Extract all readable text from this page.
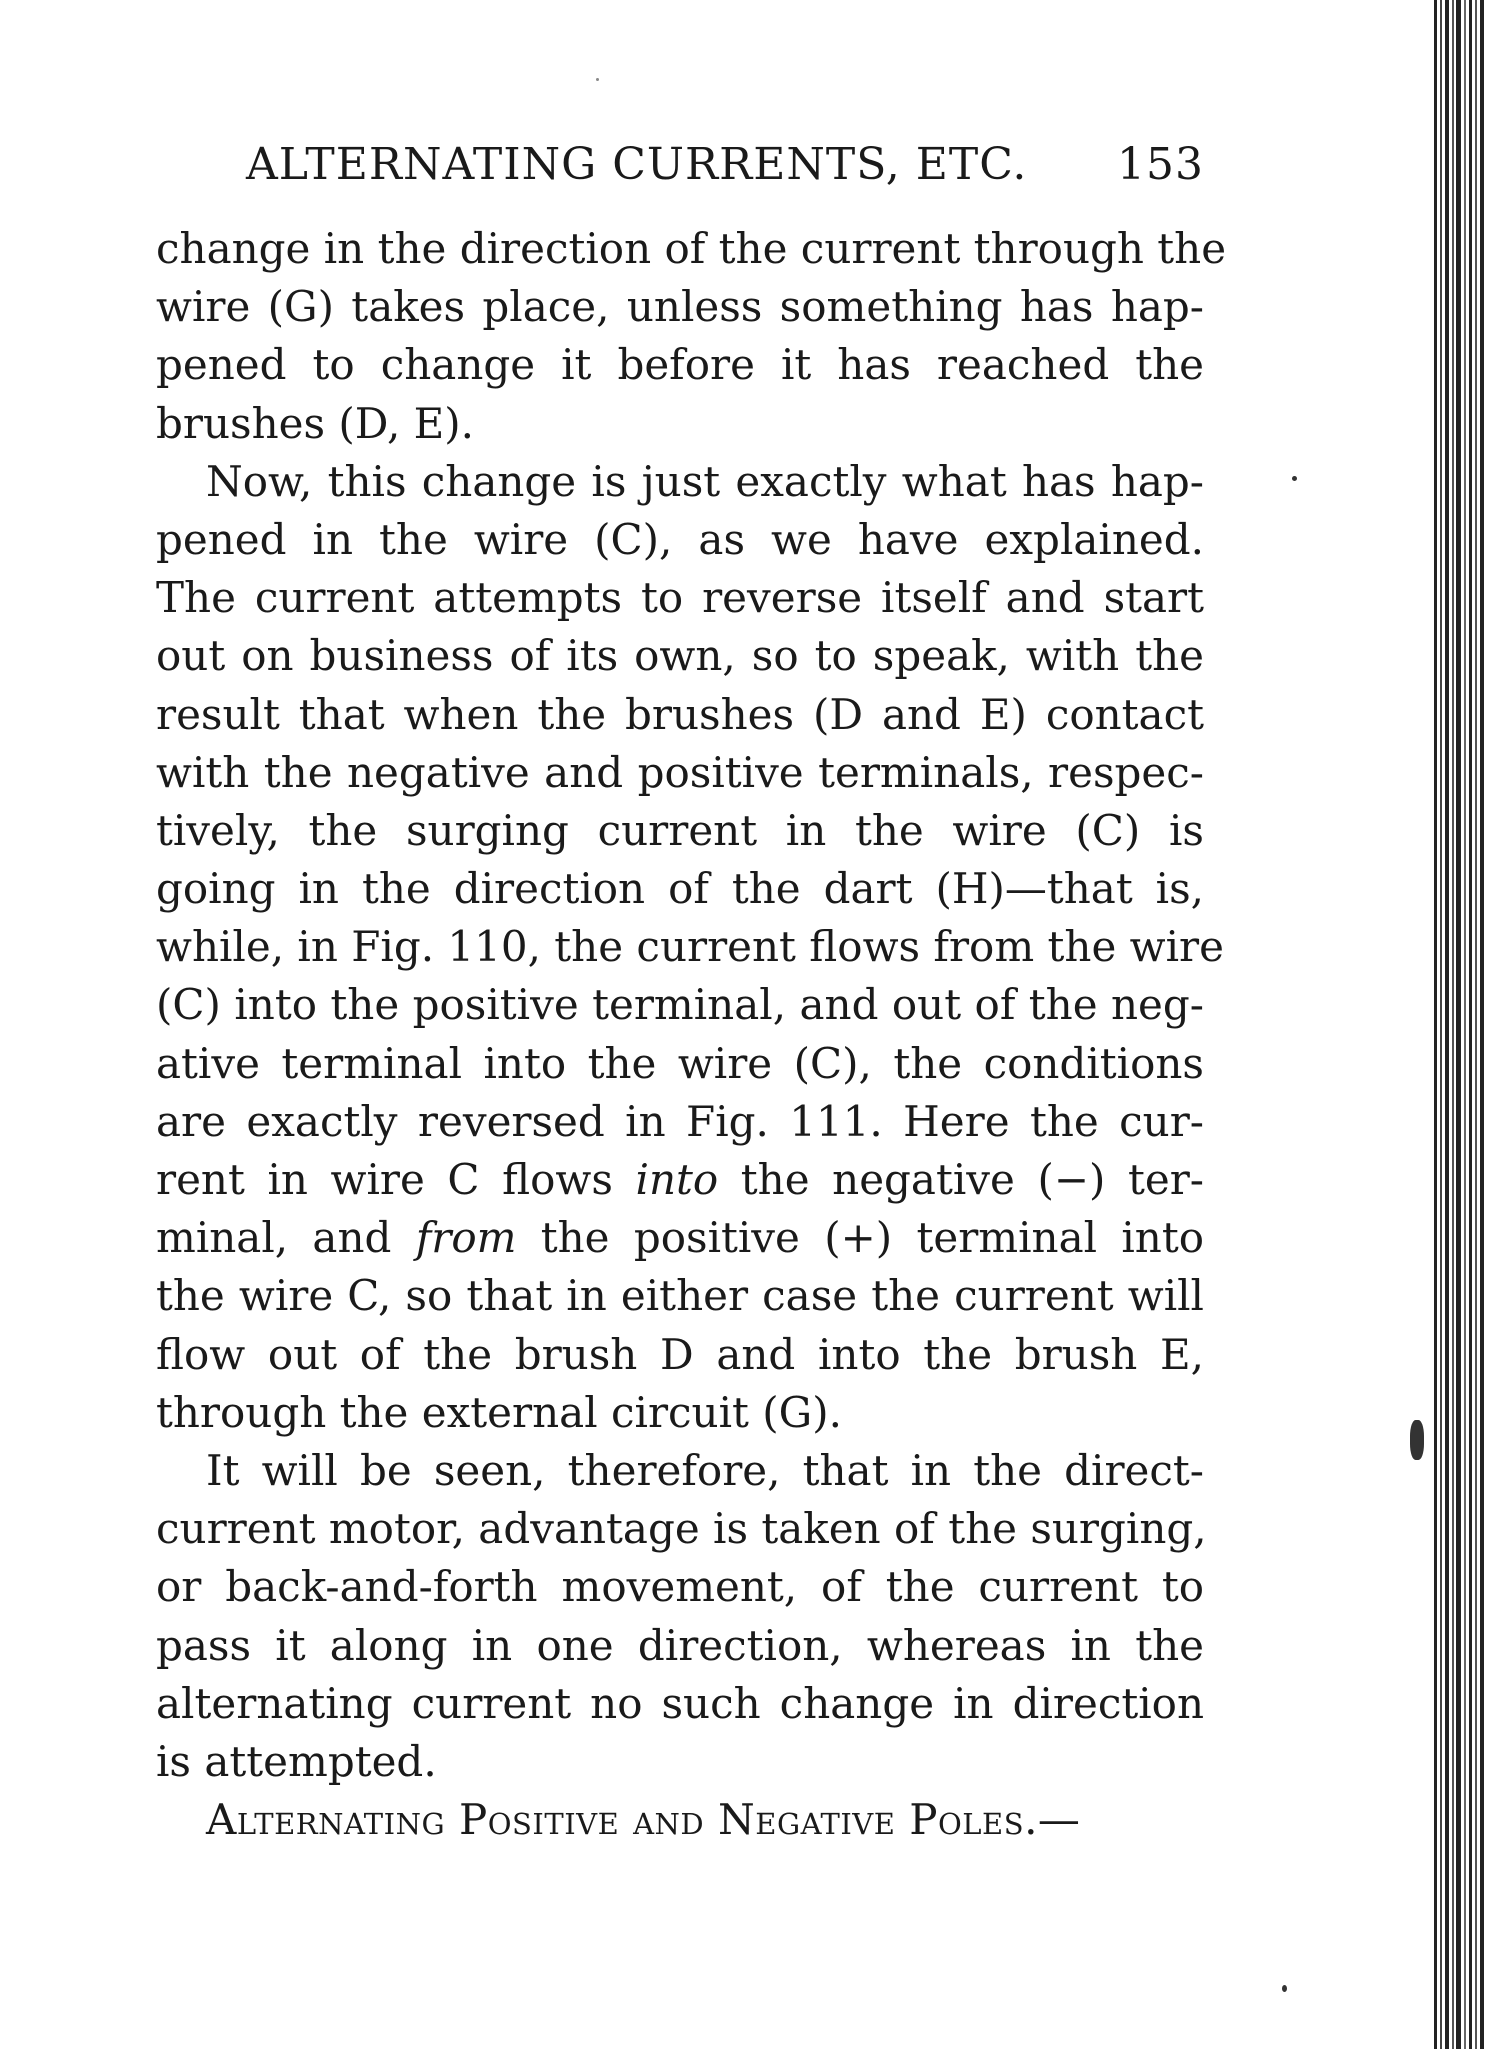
ALTERNATING CURRENTS, ETC. 153
change in the direction of the current through the
wire (G) takes place, unless something has hap-
pened to change it before it has reached the
brushes (D, E).
Now, this change is just exactly what has hap-
pened in the wire (C), as we have explained.
The current attempts to reverse itself and start
out on business of its own, so to speak, with the
result that when the brushes (D and E) contact
with the negative and positive terminals, respec-
tively, the surging current in the wire (C) is
going in the direction of the dart (H)—that is,
while, in Fig. 110, the current flows from the wire
(C) into the positive terminal, and out of the neg-
ative terminal into the wire (C), the conditions
are exactly reversed in Fig. 111. Here the cur-
rent in wire C flows into the negative (−) ter-
minal, and from the positive (+) terminal into
the wire C, so that in either case the current will
flow out of the brush D and into the brush E,
through the external circuit (G).
It will be seen, therefore, that in the direct-
current motor, advantage is taken of the surging,
or back-and-forth movement, of the current to
pass it along in one direction, whereas in the
alternating current no such change in direction
is attempted.
Alternating Positive and Negative Poles.—
